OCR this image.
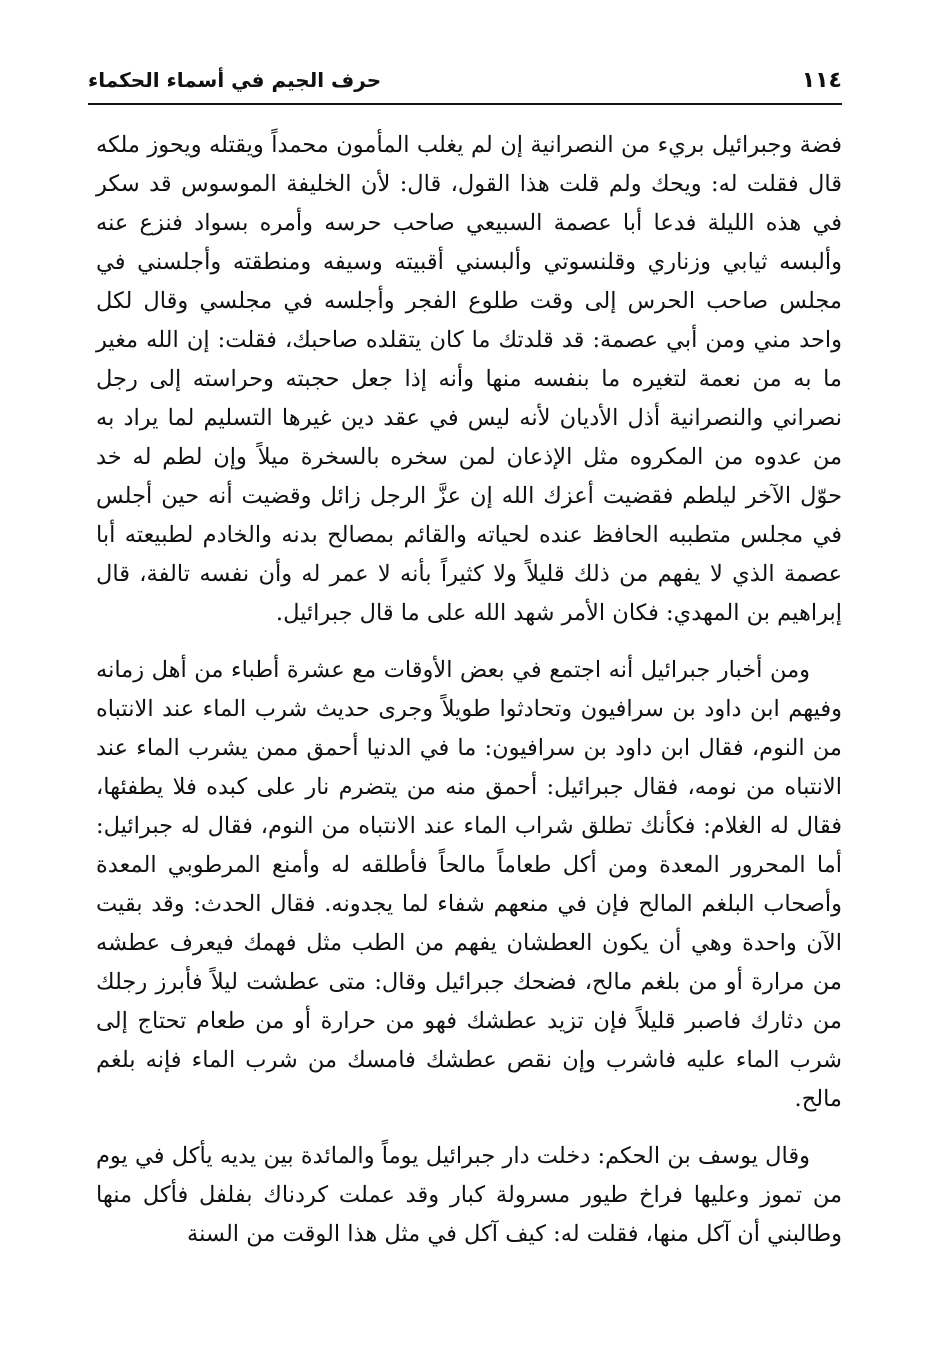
١١٤
حرف الجيم في أسماء الحكماء

فضة وجبرائيل بريء من النصرانية إن لم يغلب المأمون محمداً ويقتله ويحوز ملكه قال فقلت له: ويحك ولم قلت هذا القول، قال: لأن الخليفة الموسوس قد سكر في هذه الليلة فدعا أبا عصمة السبيعي صاحب حرسه وأمره بسواد فنزع عنه وألبسه ثيابي وزناري وقلنسوتي وألبسني أقبيته وسيفه ومنطقته وأجلسني في مجلس صاحب الحرس إلى وقت طلوع الفجر وأجلسه في مجلسي وقال لكل واحد مني ومن أبي عصمة: قد قلدتك ما كان يتقلده صاحبك، فقلت: إن الله مغير ما به من نعمة لتغيره ما بنفسه منها وأنه إذا جعل حجبته وحراسته إلى رجل نصراني والنصرانية أذل الأديان لأنه ليس في عقد دين غيرها التسليم لما يراد به من عدوه من المكروه مثل الإذعان لمن سخره بالسخرة ميلاً وإن لطم له خد حوّل الآخر ليلطم فقضيت أعزك الله إن عزَّ الرجل زائل وقضيت أنه حين أجلس في مجلس متطببه الحافظ عنده لحياته والقائم بمصالح بدنه والخادم لطبيعته أبا عصمة الذي لا يفهم من ذلك قليلاً ولا كثيراً بأنه لا عمر له وأن نفسه تالفة، قال إبراهيم بن المهدي: فكان الأمر شهد الله على ما قال جبرائيل.

ومن أخبار جبرائيل أنه اجتمع في بعض الأوقات مع عشرة أطباء من أهل زمانه وفيهم ابن داود بن سرافيون وتحادثوا طويلاً وجرى حديث شرب الماء عند الانتباه من النوم، فقال ابن داود بن سرافيون: ما في الدنيا أحمق ممن يشرب الماء عند الانتباه من نومه، فقال جبرائيل: أحمق منه من يتضرم نار على كبده فلا يطفئها، فقال له الغلام: فكأنك تطلق شراب الماء عند الانتباه من النوم، فقال له جبرائيل: أما المحرور المعدة ومن أكل طعاماً مالحاً فأطلقه له وأمنع المرطوبي المعدة وأصحاب البلغم المالح فإن في منعهم شفاء لما يجدونه. فقال الحدث: وقد بقيت الآن واحدة وهي أن يكون العطشان يفهم من الطب مثل فهمك فيعرف عطشه من مرارة أو من بلغم مالح، فضحك جبرائيل وقال: متى عطشت ليلاً فأبرز رجلك من دثارك فاصبر قليلاً فإن تزيد عطشك فهو من حرارة أو من طعام تحتاج إلى شرب الماء عليه فاشرب وإن نقص عطشك فامسك من شرب الماء فإنه بلغم مالح.

وقال يوسف بن الحكم: دخلت دار جبرائيل يوماً والمائدة بين يديه يأكل في يوم من تموز وعليها فراخ طيور مسرولة كبار وقد عملت كردناك بفلفل فأكل منها وطالبني أن آكل منها، فقلت له: كيف آكل في مثل هذا الوقت من السنة
